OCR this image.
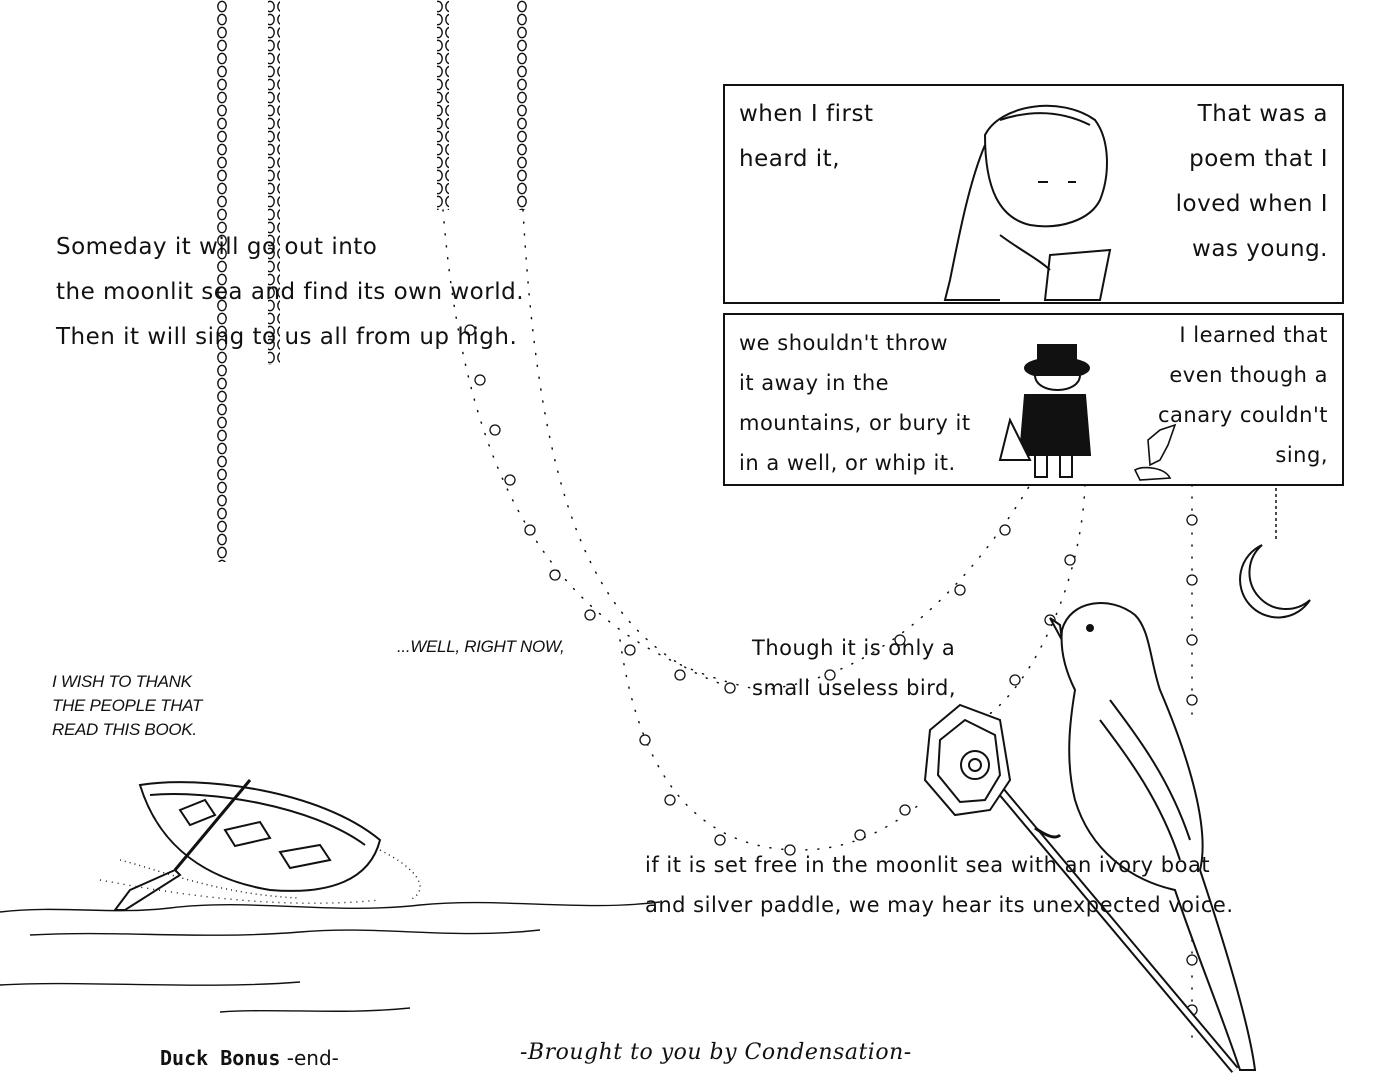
Someday it will go out into
the moonlit sea and find its own world.
Then it will sing to us all from up high.
when I first
heard it,
That was a
poem that I
loved when I
was young.
we shouldn't throw
it away in the
mountains, or bury it
in a well, or whip it.
I learned that
even though a
canary couldn't
sing,
...WELL, RIGHT NOW,
I WISH TO THANK
THE PEOPLE THAT
READ THIS BOOK.
Though it is only a
small useless bird,
if it is set free in the moonlit sea with an ivory boat
and silver paddle, we may hear its unexpected voice.
Duck Bonus -end-	-Brought to you by Condensation-
